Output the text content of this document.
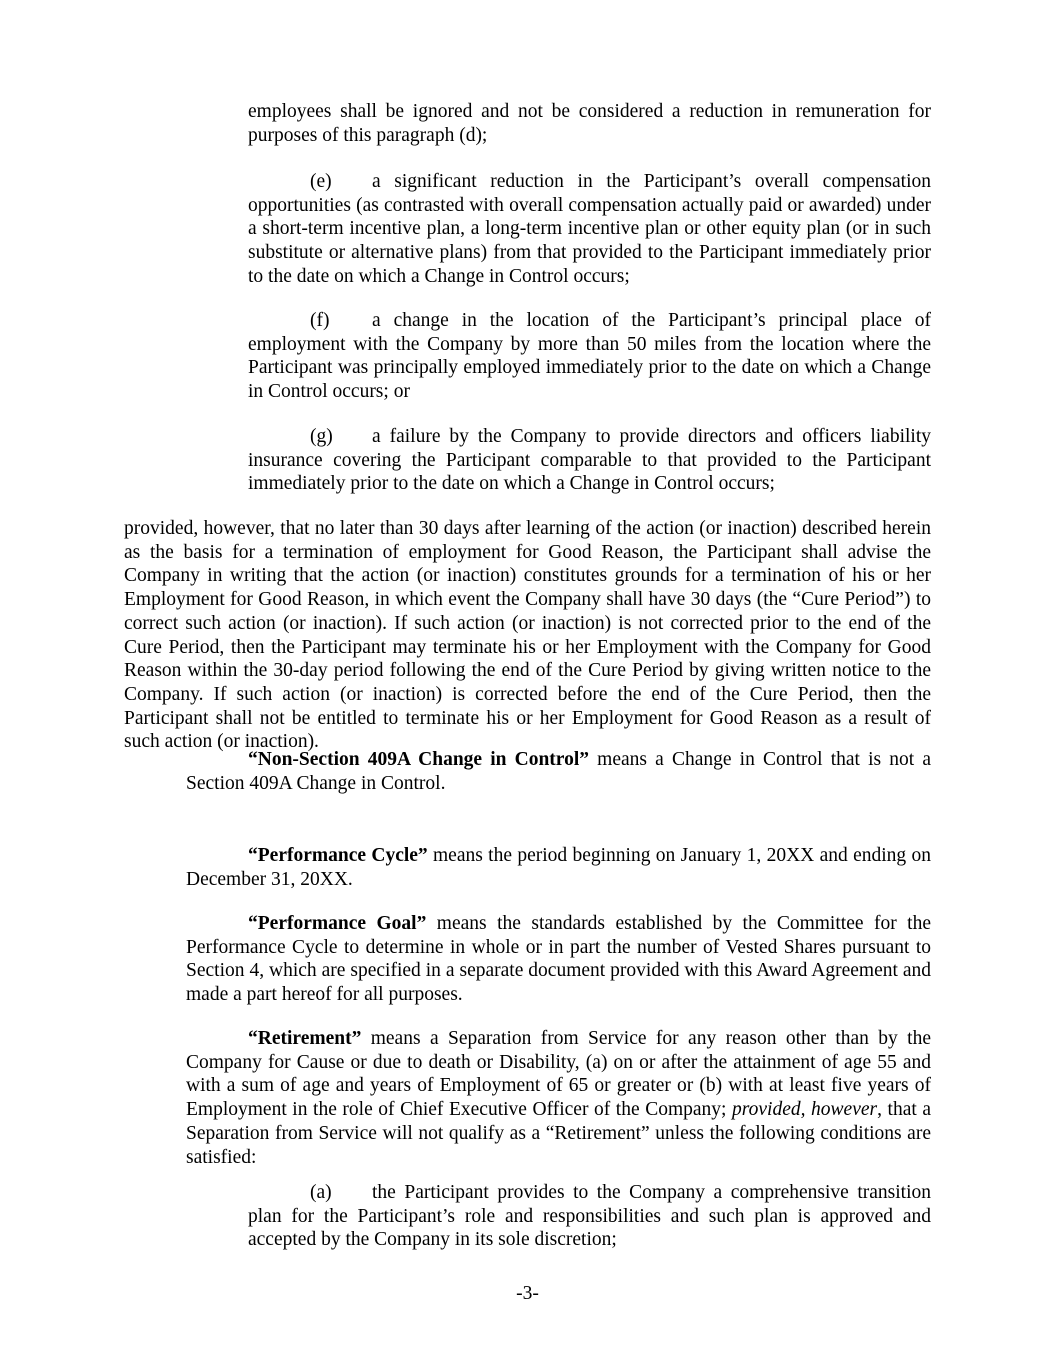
employees shall be ignored and not be considered a reduction in remuneration for purposes of this paragraph (d);

(e) a significant reduction in the Participant’s overall compensation opportunities (as contrasted with overall compensation actually paid or awarded) under a short-term incentive plan, a long-term incentive plan or other equity plan (or in such substitute or alternative plans) from that provided to the Participant immediately prior to the date on which a Change in Control occurs;

(f) a change in the location of the Participant’s principal place of employment with the Company by more than 50 miles from the location where the Participant was principally employed immediately prior to the date on which a Change in Control occurs; or

(g) a failure by the Company to provide directors and officers liability insurance covering the Participant comparable to that provided to the Participant immediately prior to the date on which a Change in Control occurs;

provided, however, that no later than 30 days after learning of the action (or inaction) described herein as the basis for a termination of employment for Good Reason, the Participant shall advise the Company in writing that the action (or inaction) constitutes grounds for a termination of his or her Employment for Good Reason, in which event the Company shall have 30 days (the “Cure Period”) to correct such action (or inaction). If such action (or inaction) is not corrected prior to the end of the Cure Period, then the Participant may terminate his or her Employment with the Company for Good Reason within the 30-day period following the end of the Cure Period by giving written notice to the Company. If such action (or inaction) is corrected before the end of the Cure Period, then the Participant shall not be entitled to terminate his or her Employment for Good Reason as a result of such action (or inaction).

“Non-Section 409A Change in Control” means a Change in Control that is not a Section 409A Change in Control.

“Performance Cycle” means the period beginning on January 1, 20XX and ending on December 31, 20XX.

“Performance Goal” means the standards established by the Committee for the Performance Cycle to determine in whole or in part the number of Vested Shares pursuant to Section 4, which are specified in a separate document provided with this Award Agreement and made a part hereof for all purposes.

“Retirement” means a Separation from Service for any reason other than by the Company for Cause or due to death or Disability, (a) on or after the attainment of age 55 and with a sum of age and years of Employment of 65 or greater or (b) with at least five years of Employment in the role of Chief Executive Officer of the Company; provided, however, that a Separation from Service will not qualify as a “Retirement” unless the following conditions are satisfied:

(a) the Participant provides to the Company a comprehensive transition plan for the Participant’s role and responsibilities and such plan is approved and accepted by the Company in its sole discretion;

-3-
